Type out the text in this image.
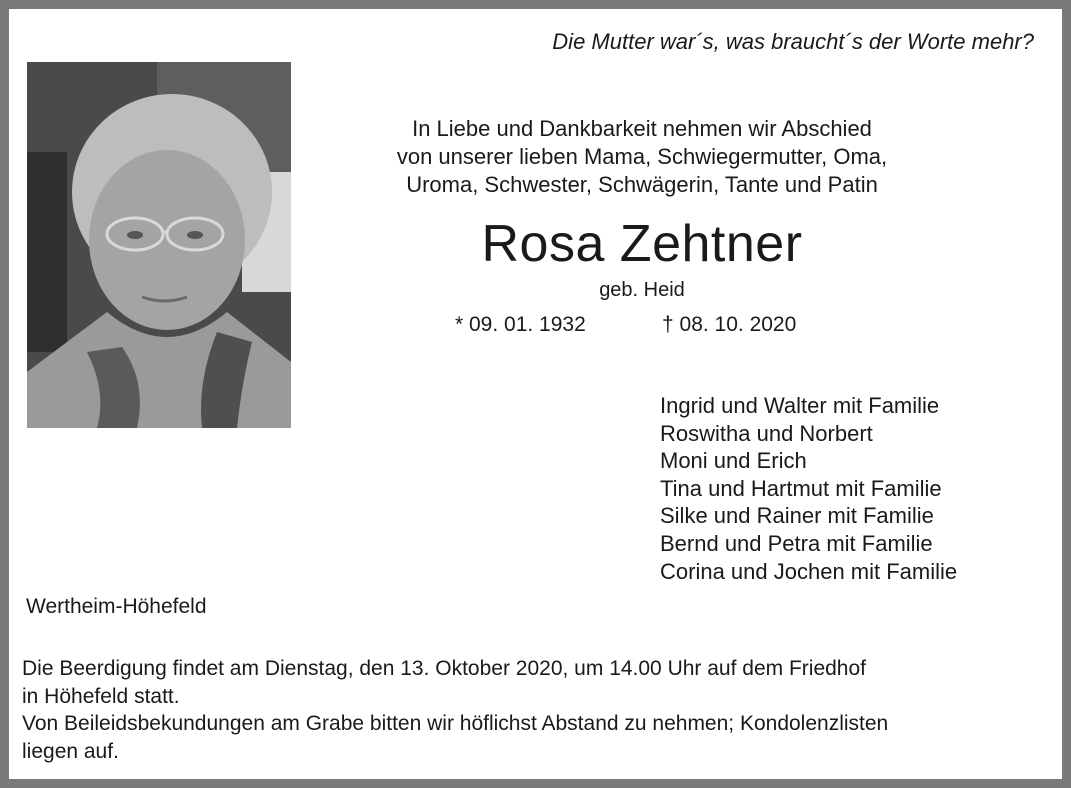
Die Mutter war´s, was braucht´s der Worte mehr?
In Liebe und Dankbarkeit nehmen wir Abschied
von unserer lieben Mama, Schwiegermutter, Oma,
Uroma, Schwester, Schwägerin, Tante und Patin
Rosa Zehtner
geb. Heid
* 09. 01. 1932	† 08. 10. 2020
Ingrid und Walter mit Familie
Roswitha und Norbert
Moni und Erich
Tina und Hartmut mit Familie
Silke und Rainer mit Familie
Bernd und Petra mit Familie
Corina und Jochen mit Familie
Wertheim-Höhefeld
Die Beerdigung findet am Dienstag, den 13. Oktober 2020, um 14.00 Uhr auf dem Friedhof
in Höhefeld statt.
Von Beileidsbekundungen am Grabe bitten wir höflichst Abstand zu nehmen; Kondolenzlisten
liegen auf.
